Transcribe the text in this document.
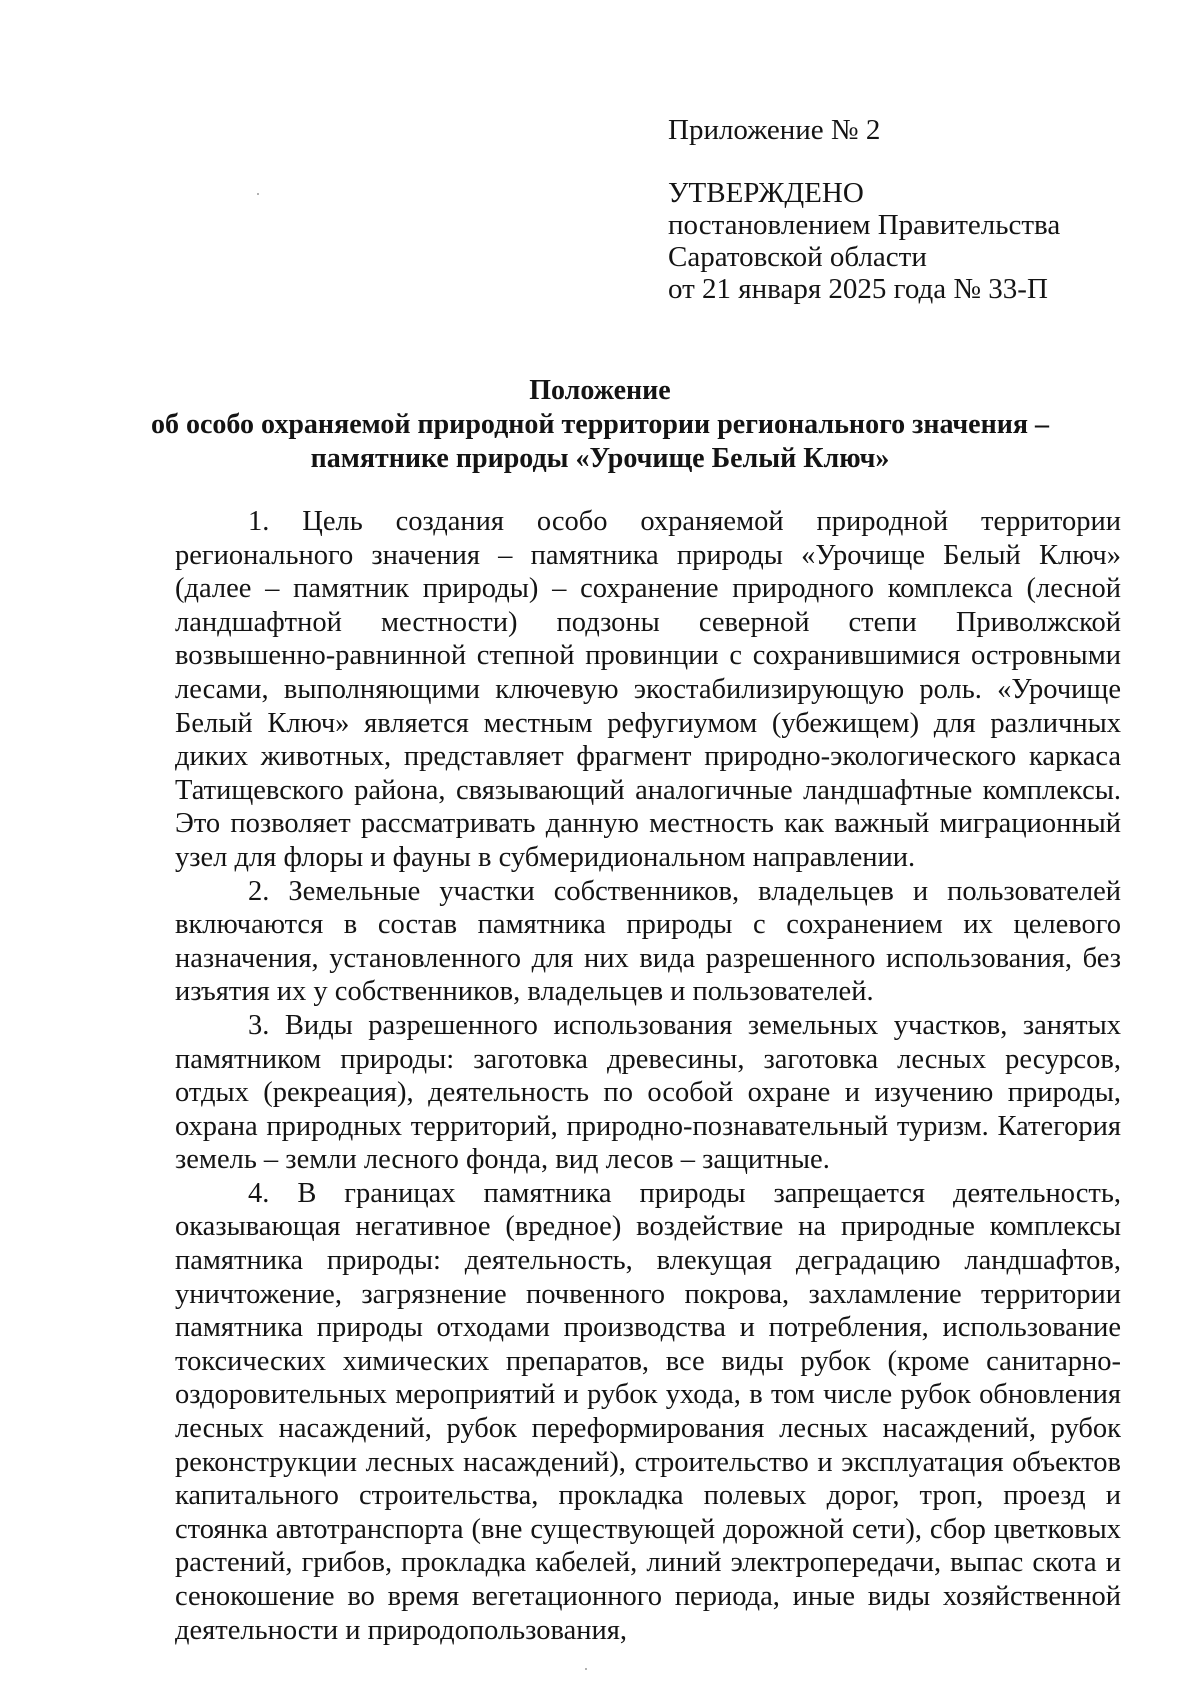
Приложение № 2
УТВЕРЖДЕНО
постановлением Правительства
Саратовской области
от 21 января 2025 года № 33-П
Положение
об особо охраняемой природной территории регионального значения –
памятнике природы «Урочище Белый Ключ»

1. Цель создания особо охраняемой природной территории регионального значения – памятника природы «Урочище Белый Ключ» (далее – памятник природы) – сохранение природного комплекса (лесной ландшафтной местности) подзоны северной степи Приволжской возвышенно-равнинной степной провинции с сохранившимися островными лесами, выполняющими ключевую экостабилизирующую роль. «Урочище Белый Ключ» является местным рефугиумом (убежищем) для различных диких животных, представляет фрагмент природно-экологического каркаса Татищевского района, связывающий аналогичные ландшафтные комплексы. Это позволяет рассматривать данную местность как важный миграционный узел для флоры и фауны в субмеридиональном направлении.

2. Земельные участки собственников, владельцев и пользователей включаются в состав памятника природы с сохранением их целевого назначения, установленного для них вида разрешенного использования, без изъятия их у собственников, владельцев и пользователей.

3. Виды разрешенного использования земельных участков, занятых памятником природы: заготовка древесины, заготовка лесных ресурсов, отдых (рекреация), деятельность по особой охране и изучению природы, охрана природных территорий, природно-познавательный туризм. Категория земель – земли лесного фонда, вид лесов – защитные.

4. В границах памятника природы запрещается деятельность, оказывающая негативное (вредное) воздействие на природные комплексы памятника природы: деятельность, влекущая деградацию ландшафтов, уничтожение, загрязнение почвенного покрова, захламление территории памятника природы отходами производства и потребления, использование токсических химических препаратов, все виды рубок (кроме санитарно-оздоровительных мероприятий и рубок ухода, в том числе рубок обновления лесных насаждений, рубок переформирования лесных насаждений, рубок реконструкции лесных насаждений), строительство и эксплуатация объектов капитального строительства, прокладка полевых дорог, троп, проезд и стоянка автотранспорта (вне существующей дорожной сети), сбор цветковых растений, грибов, прокладка кабелей, линий электропередачи, выпас скота и сенокошение во время вегетационного периода, иные виды хозяйственной деятельности и природопользования,
